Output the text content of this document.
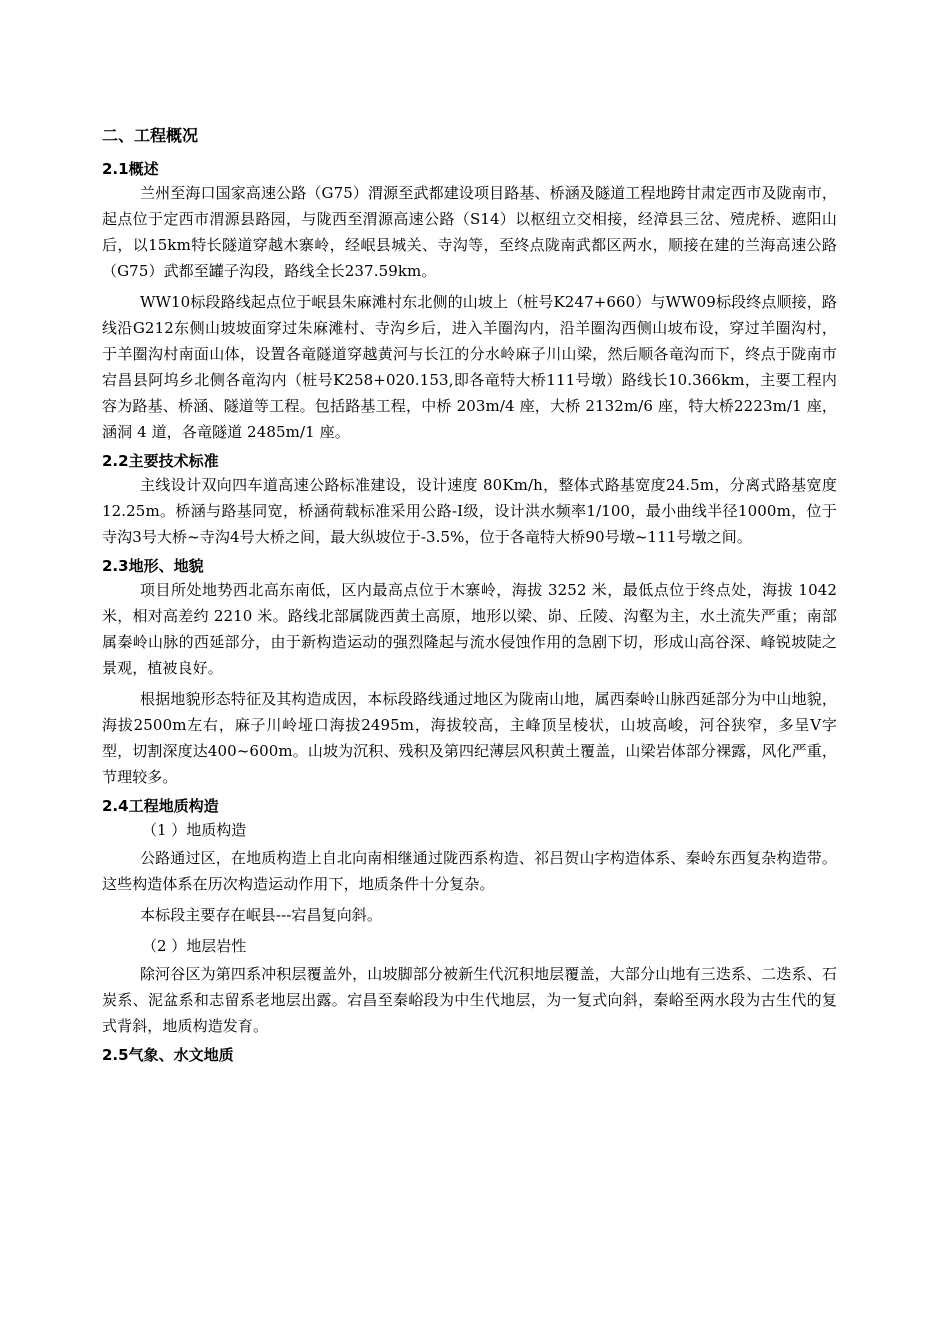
二、工程概况
2.1概述

兰州至海口国家高速公路（G75）渭源至武都建设项目路基、桥涵及隧道工程地跨甘肃定西市及陇南市，起点位于定西市渭源县路园，与陇西至渭源高速公路（S14）以枢纽立交相接，经漳县三岔、殪虎桥、遮阳山后，以15km特长隧道穿越木寨岭，经岷县城关、寺沟等，至终点陇南武都区两水，顺接在建的兰海高速公路（G75）武都至罐子沟段，路线全长237.59km。

WW10标段路线起点位于岷县朱麻滩村东北侧的山坡上（桩号K247+660）与WW09标段终点顺接，路线沿G212东侧山坡坡面穿过朱麻滩村、寺沟乡后，进入羊圈沟内，沿羊圈沟西侧山坡布设，穿过羊圈沟村，于羊圈沟村南面山体，设置各竜隧道穿越黄河与长江的分水岭麻子川山梁，然后顺各竜沟而下，终点于陇南市宕昌县阿坞乡北侧各竜沟内（桩号K258+020.153,即各竜特大桥111号墩）路线长10.366km，主要工程内容为路基、桥涵、隧道等工程。包括路基工程，中桥 203m/4 座，大桥 2132m/6 座，特大桥2223m/1 座，涵洞 4 道，各竜隧道 2485m/1 座。

2.2主要技术标准

主线设计双向四车道高速公路标准建设，设计速度 80Km/h，整体式路基宽度24.5m，分离式路基宽度12.25m。桥涵与路基同宽，桥涵荷载标准采用公路-I级，设计洪水频率1/100，最小曲线半径1000m，位于寺沟3号大桥~寺沟4号大桥之间，最大纵坡位于-3.5%，位于各竜特大桥90号墩~111号墩之间。

2.3地形、地貌

项目所处地势西北高东南低，区内最高点位于木寨岭，海拔 3252 米，最低点位于终点处，海拔 1042 米，相对高差约 2210 米。路线北部属陇西黄土高原，地形以梁、峁、丘陵、沟壑为主，水土流失严重；南部属秦岭山脉的西延部分，由于新构造运动的强烈隆起与流水侵蚀作用的急剧下切，形成山高谷深、峰锐坡陡之景观，植被良好。

根据地貌形态特征及其构造成因，本标段路线通过地区为陇南山地，属西秦岭山脉西延部分为中山地貌，海拔2500m左右，麻子川岭垭口海拔2495m，海拔较高，主峰顶呈棱状，山坡高峻，河谷狭窄，多呈V字型，切割深度达400~600m。山坡为沉积、残积及第四纪薄层风积黄土覆盖，山梁岩体部分裸露，风化严重，节理较多。

2.4工程地质构造
（1 ）地质构造

公路通过区，在地质构造上自北向南相继通过陇西系构造、祁吕贺山字构造体系、秦岭东西复杂构造带。这些构造体系在历次构造运动作用下，地质条件十分复杂。

本标段主要存在岷县---宕昌复向斜。

（2 ）地层岩性

除河谷区为第四系冲积层覆盖外，山坡脚部分被新生代沉积地层覆盖，大部分山地有三迭系、二迭系、石炭系、泥盆系和志留系老地层出露。宕昌至秦峪段为中生代地层，为一复式向斜，秦峪至两水段为古生代的复式背斜，地质构造发育。

2.5气象、水文地质
